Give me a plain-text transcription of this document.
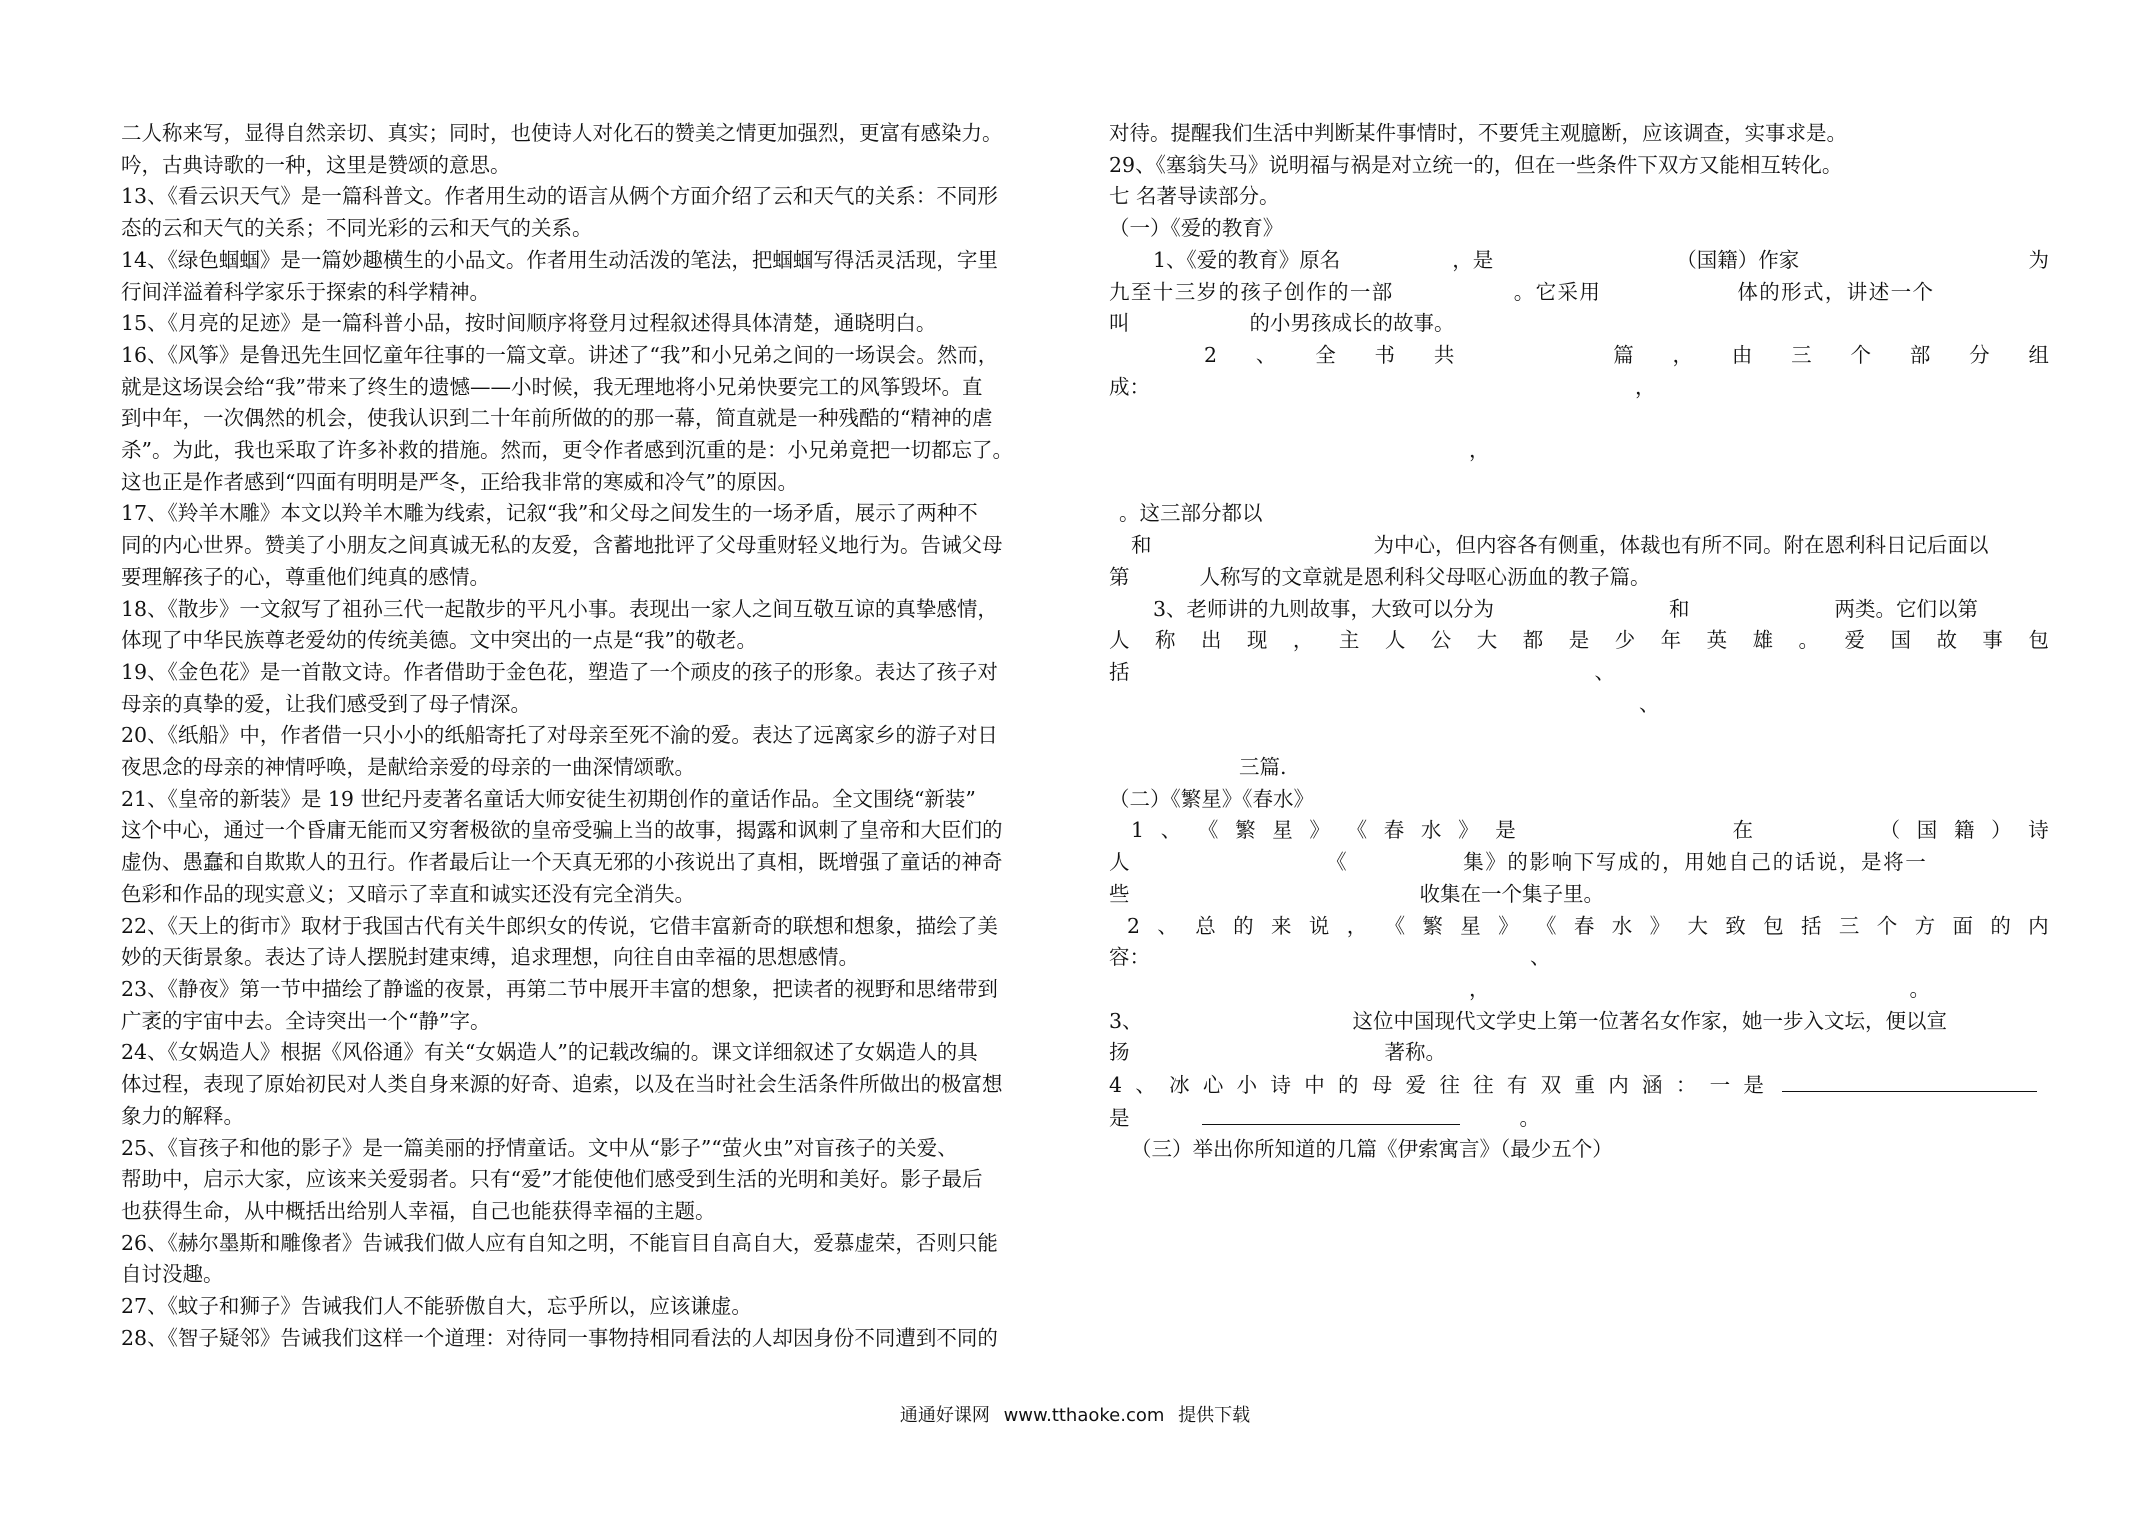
二人称来写，显得自然亲切、真实；同时，也使诗人对化石的赞美之情更加强烈，更富有感染力。

吟，古典诗歌的一种，这里是赞颂的意思。

13、《看云识天气》是一篇科普文。作者用生动的语言从俩个方面介绍了云和天气的关系：不同形

态的云和天气的关系；不同光彩的云和天气的关系。

14、《绿色蝈蝈》是一篇妙趣横生的小品文。作者用生动活泼的笔法，把蝈蝈写得活灵活现，字里

行间洋溢着科学家乐于探索的科学精神。

15、《月亮的足迹》是一篇科普小品，按时间顺序将登月过程叙述得具体清楚，通晓明白。

16、《风筝》是鲁迅先生回忆童年往事的一篇文章。讲述了“我”和小兄弟之间的一场误会。然而，

就是这场误会给“我”带来了终生的遗憾——小时候，我无理地将小兄弟快要完工的风筝毁坏。直

到中年，一次偶然的机会，使我认识到二十年前所做的的那一幕，简直就是一种残酷的“精神的虐

杀”。为此，我也采取了许多补救的措施。然而，更令作者感到沉重的是：小兄弟竟把一切都忘了。

这也正是作者感到“四面有明明是严冬，正给我非常的寒威和冷气”的原因。

17、《羚羊木雕》本文以羚羊木雕为线索，记叙“我”和父母之间发生的一场矛盾，展示了两种不

同的内心世界。赞美了小朋友之间真诚无私的友爱，含蓄地批评了父母重财轻义地行为。告诫父母

要理解孩子的心，尊重他们纯真的感情。

18、《散步》一文叙写了祖孙三代一起散步的平凡小事。表现出一家人之间互敬互谅的真挚感情，

体现了中华民族尊老爱幼的传统美德。文中突出的一点是“我”的敬老。

19、《金色花》是一首散文诗。作者借助于金色花，塑造了一个顽皮的孩子的形象。表达了孩子对

母亲的真挚的爱，让我们感受到了母子情深。

20、《纸船》中，作者借一只小小的纸船寄托了对母亲至死不渝的爱。表达了远离家乡的游子对日

夜思念的母亲的神情呼唤，是献给亲爱的母亲的一曲深情颂歌。

21、《皇帝的新装》是 19 世纪丹麦著名童话大师安徒生初期创作的童话作品。全文围绕“新装”

这个中心，通过一个昏庸无能而又穷奢极欲的皇帝受骗上当的故事，揭露和讽刺了皇帝和大臣们的

虚伪、愚蠢和自欺欺人的丑行。作者最后让一个天真无邪的小孩说出了真相，既增强了童话的神奇

色彩和作品的现实意义；又暗示了幸直和诚实还没有完全消失。

22、《天上的街市》取材于我国古代有关牛郎织女的传说，它借丰富新奇的联想和想象，描绘了美

妙的天街景象。表达了诗人摆脱封建束缚，追求理想，向往自由幸福的思想感情。

23、《静夜》第一节中描绘了静谧的夜景，再第二节中展开丰富的想象，把读者的视野和思绪带到

广袤的宇宙中去。全诗突出一个“静”字。

24、《女娲造人》根据《风俗通》有关“女娲造人”的记载改编的。课文详细叙述了女娲造人的具

体过程，表现了原始初民对人类自身来源的好奇、追索，以及在当时社会生活条件所做出的极富想

象力的解释。

25、《盲孩子和他的影子》是一篇美丽的抒情童话。文中从“影子”“萤火虫”对盲孩子的关爱、

帮助中，启示大家，应该来关爱弱者。只有“爱”才能使他们感受到生活的光明和美好。影子最后

也获得生命，从中概括出给别人幸福，自己也能获得幸福的主题。

26、《赫尔墨斯和雕像者》告诫我们做人应有自知之明，不能盲目自高自大，爱慕虚荣，否则只能

自讨没趣。

27、《蚊子和狮子》告诫我们人不能骄傲自大，忘乎所以，应该谦虚。

28、《智子疑邻》告诫我们这样一个道理：对待同一事物持相同看法的人却因身份不同遭到不同的

对待。提醒我们生活中判断某件事情时，不要凭主观臆断，应该调查，实事求是。

29、《塞翁失马》说明福与祸是对立统一的，但在一些条件下双方又能相互转化。

七 名著导读部分。

（一）《爱的教育》

1、《爱的教育》原名	，是	（国籍）作家	为

九至十三岁的孩子创作的一部	。它采用	体的形式，讲述一个

叫	的小男孩成长的故事。

2 、 全 书 共	篇 ， 由 三 个 部 分 组

成：	，

，

。这三部分都以

和	为中心，但内容各有侧重，体裁也有所不同。附在恩利科日记后面以

第	人称写的文章就是恩利科父母呕心沥血的教子篇。

3、老师讲的九则故事，大致可以分为	和	两类。它们以第

人 称 出 现 ， 主 人 公 大 都 是 少 年 英 雄 。 爱 国 故 事 包

括	、

、

三篇.

（二）《繁星》《春水》

1 、 《 繁 星 》 《 春 水 》 是	在	（ 国 籍 ） 诗

人	《	集》的影响下写成的，用她自己的话说，是将一

些	收集在一个集子里。

2 、 总 的 来 说 ， 《 繁 星 》 《 春 水 》 大 致 包 括 三 个 方 面 的 内

容：	、

，	。

3、	这位中国现代文学史上第一位著名女作家，她一步入文坛，便以宣

扬	著称。

4 、 冰 心 小 诗 中 的 母 爱 往 往 有 双 重 内 涵 ： 一 是

是	。

（三）举出你所知道的几篇《伊索寓言》（最少五个）

通通好课网 www.tthaoke.com 提供下载
